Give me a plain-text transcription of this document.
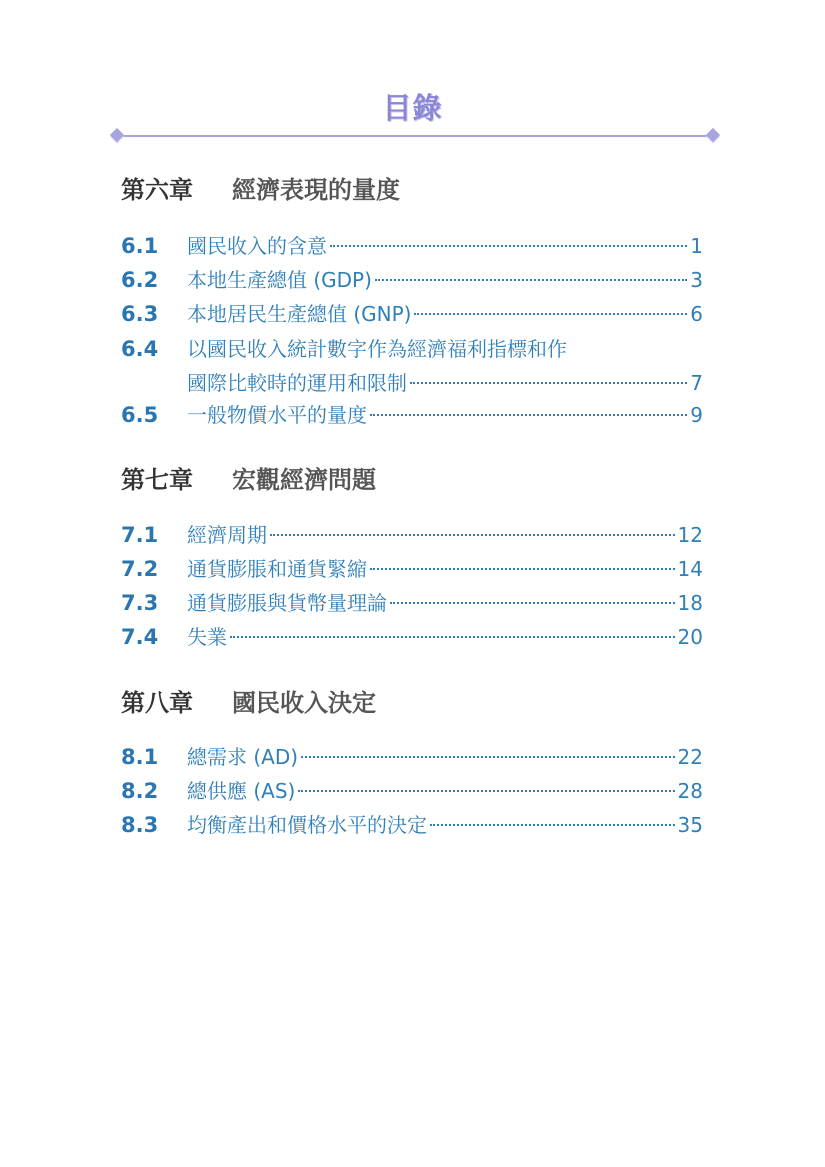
目錄
第六章 經濟表現的量度
6.1 國民收入的含意	1
6.2 本地生產總值 (GDP)	3
6.3 本地居民生產總值 (GNP)	6
6.4 以國民收入統計數字作為經濟福利指標和作
國際比較時的運用和限制	7
6.5 一般物價水平的量度	9
第七章 宏觀經濟問題
7.1 經濟周期	12
7.2 通貨膨脹和通貨緊縮	14
7.3 通貨膨脹與貨幣量理論	18
7.4 失業	20
第八章 國民收入決定
8.1 總需求 (AD)	22
8.2 總供應 (AS)	28
8.3 均衡產出和價格水平的決定	35
